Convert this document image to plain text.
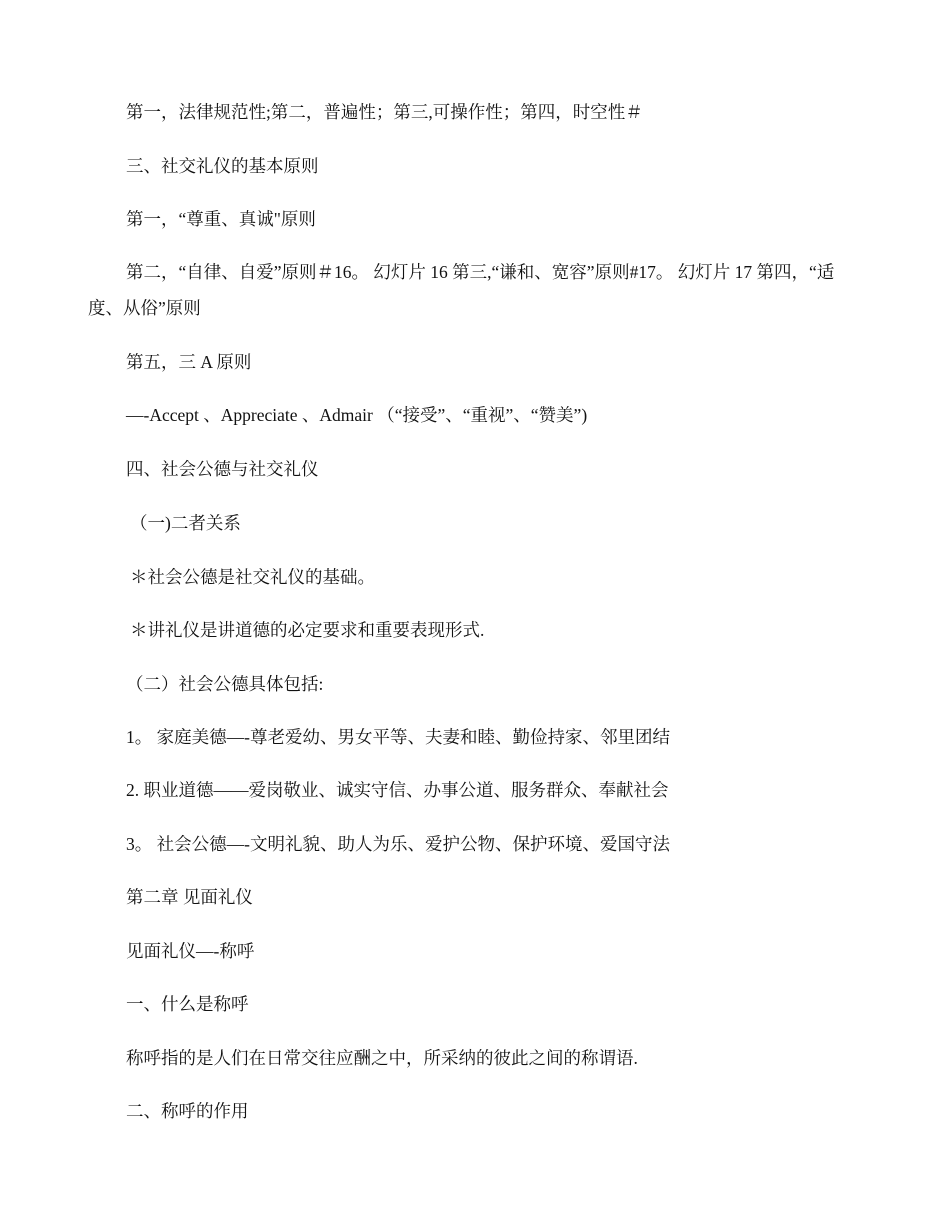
第一，法律规范性;第二，普遍性；第三,可操作性；第四，时空性＃

三、社交礼仪的基本原则

第一，“尊重、真诚"原则

第二，“自律、自爱”原则＃16。 幻灯片 16 第三,“谦和、宽容”原则#17。 幻灯片 17 第四，“适度、从俗”原则

第五，三 A 原则

—-Accept 、Appreciate 、Admair （“接受”、“重视”、“赞美”)

四、社会公德与社交礼仪

（一)二者关系

＊社会公德是社交礼仪的基础。

＊讲礼仪是讲道德的必定要求和重要表现形式.

（二）社会公德具体包括:

1。 家庭美德—-尊老爱幼、男女平等、夫妻和睦、勤俭持家、邻里团结

2. 职业道德——爱岗敬业、诚实守信、办事公道、服务群众、奉献社会

3。 社会公德—-文明礼貌、助人为乐、爱护公物、保护环境、爱国守法

第二章 见面礼仪

见面礼仪—-称呼

一、什么是称呼

称呼指的是人们在日常交往应酬之中，所采纳的彼此之间的称谓语.

二、称呼的作用
